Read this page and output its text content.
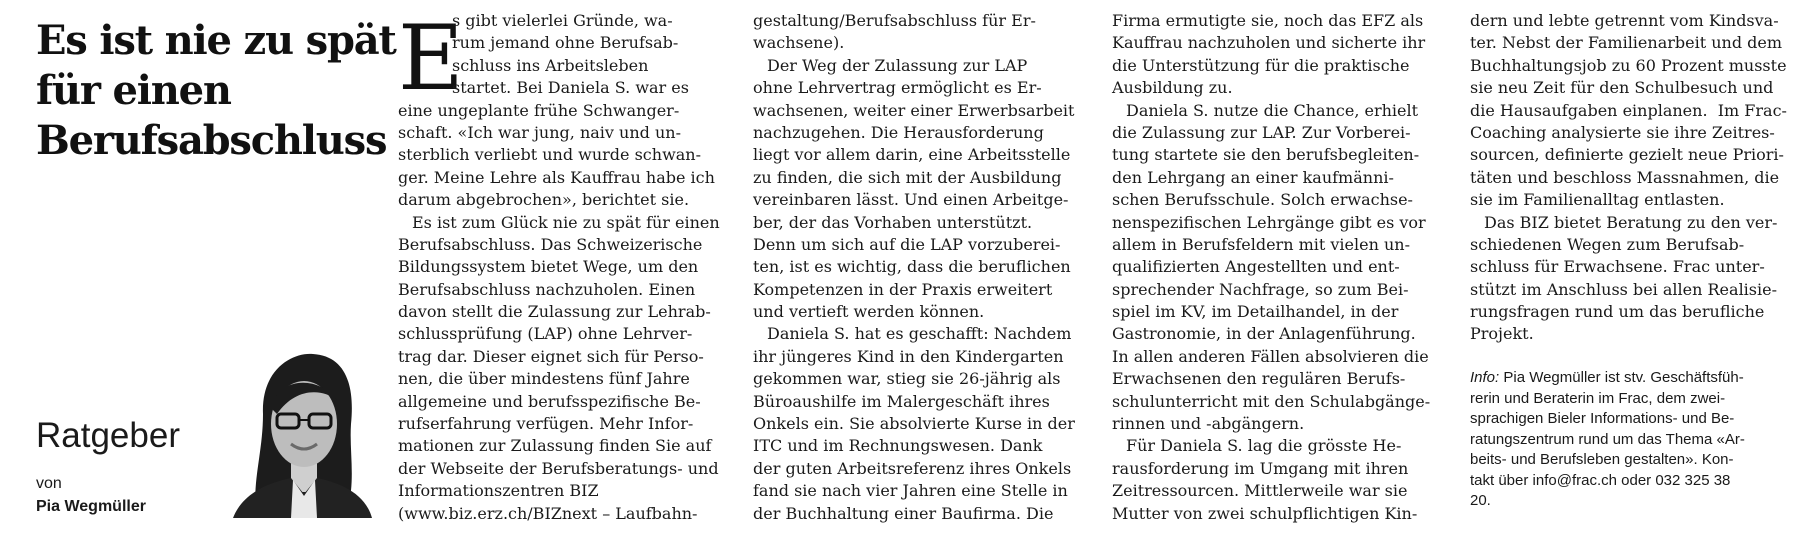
Es ist nie zu spät
für einen
Berufsabschluss
Ratgeber
von
Pia Wegmüller
E
s gibt vielerlei Gründe, wa-
rum jemand ohne Berufsab-
schluss ins Arbeitsleben
startet. Bei Daniela S. war es
eine ungeplante frühe Schwanger-
schaft. «Ich war jung, naiv und un-
sterblich verliebt und wurde schwan-
ger. Meine Lehre als Kauffrau habe ich
darum abgebrochen», berichtet sie.
Es ist zum Glück nie zu spät für einen
Berufsabschluss. Das Schweizerische
Bildungssystem bietet Wege, um den
Berufsabschluss nachzuholen. Einen
davon stellt die Zulassung zur Lehrab-
schlussprüfung (LAP) ohne Lehrver-
trag dar. Dieser eignet sich für Perso-
nen, die über mindestens fünf Jahre
allgemeine und berufsspezifische Be-
rufserfahrung verfügen. Mehr Infor-
mationen zur Zulassung finden Sie auf
der Webseite der Berufsberatungs- und
Informationszentren BIZ
(www.biz.erz.ch/BIZnext – Laufbahn-
gestaltung/Berufsabschluss für Er-
wachsene).
Der Weg der Zulassung zur LAP
ohne Lehrvertrag ermöglicht es Er-
wachsenen, weiter einer Erwerbsarbeit
nachzugehen. Die Herausforderung
liegt vor allem darin, eine Arbeitsstelle
zu finden, die sich mit der Ausbildung
vereinbaren lässt. Und einen Arbeitge-
ber, der das Vorhaben unterstützt.
Denn um sich auf die LAP vorzuberei-
ten, ist es wichtig, dass die beruflichen
Kompetenzen in der Praxis erweitert
und vertieft werden können.
Daniela S. hat es geschafft: Nachdem
ihr jüngeres Kind in den Kindergarten
gekommen war, stieg sie 26-jährig als
Büroaushilfe im Malergeschäft ihres
Onkels ein. Sie absolvierte Kurse in der
ITC und im Rechnungswesen. Dank
der guten Arbeitsreferenz ihres Onkels
fand sie nach vier Jahren eine Stelle in
der Buchhaltung einer Baufirma. Die
Firma ermutigte sie, noch das EFZ als
Kauffrau nachzuholen und sicherte ihr
die Unterstützung für die praktische
Ausbildung zu.
Daniela S. nutze die Chance, erhielt
die Zulassung zur LAP. Zur Vorberei-
tung startete sie den berufsbegleiten-
den Lehrgang an einer kaufmänni-
schen Berufsschule. Solch erwachse-
nenspezifischen Lehrgänge gibt es vor
allem in Berufsfeldern mit vielen un-
qualifizierten Angestellten und ent-
sprechender Nachfrage, so zum Bei-
spiel im KV, im Detailhandel, in der
Gastronomie, in der Anlagenführung.
In allen anderen Fällen absolvieren die
Erwachsenen den regulären Berufs-
schulunterricht mit den Schulabgänge-
rinnen und -abgängern.
Für Daniela S. lag die grösste He-
rausforderung im Umgang mit ihren
Zeitressourcen. Mittlerweile war sie
Mutter von zwei schulpflichtigen Kin-
dern und lebte getrennt vom Kindsva-
ter. Nebst der Familienarbeit und dem
Buchhaltungsjob zu 60 Prozent musste
sie neu Zeit für den Schulbesuch und
die Hausaufgaben einplanen.  Im Frac-
Coaching analysierte sie ihre Zeitres-
sourcen, definierte gezielt neue Priori-
täten und beschloss Massnahmen, die
sie im Familienalltag entlasten.
Das BIZ bietet Beratung zu den ver-
schiedenen Wegen zum Berufsab-
schluss für Erwachsene. Frac unter-
stützt im Anschluss bei allen Realisie-
rungsfragen rund um das berufliche
Projekt.
Info: Pia Wegmüller ist stv. Geschäftsfüh-
rerin und Beraterin im Frac, dem zwei-
sprachigen Bieler Informations- und Be-
ratungszentrum rund um das Thema «Ar-
beits- und Berufsleben gestalten». Kon-
takt über info@frac.ch oder 032 325 38
20.
